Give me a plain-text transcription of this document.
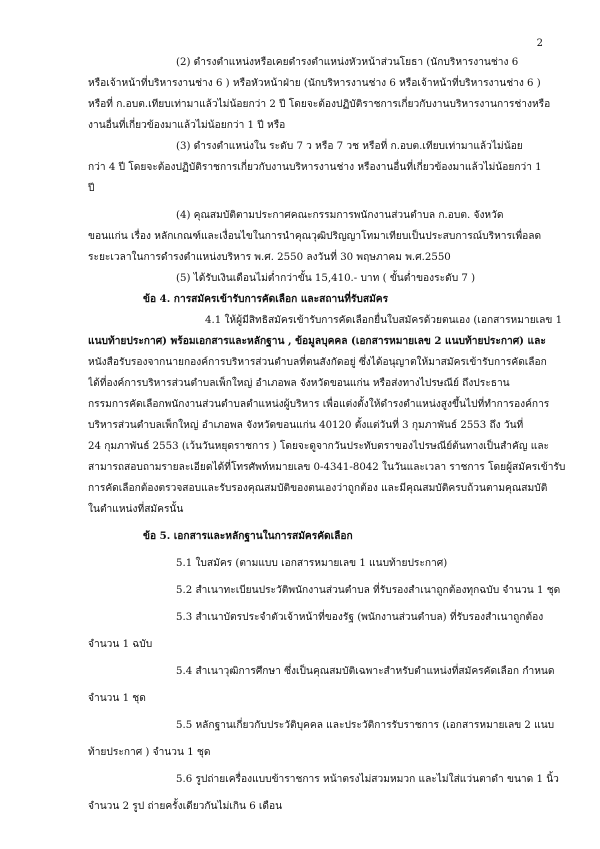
2
(2) ดำรงตำแหน่งหรือเคยดำรงตำแหน่งหัวหน้าส่วนโยธา (นักบริหารงานช่าง 6
หรือเจ้าหน้าที่บริหารงานช่าง 6 ) หรือหัวหน้าฝ่าย (นักบริหารงานช่าง 6 หรือเจ้าหน้าที่บริหารงานช่าง 6 )
หรือที่ ก.อบต.เทียบเท่ามาแล้วไม่น้อยกว่า 2 ปี โดยจะต้องปฏิบัติราชการเกี่ยวกับงานบริหารงานการช่างหรือ
งานอื่นที่เกี่ยวข้องมาแล้วไม่น้อยกว่า 1 ปี หรือ
(3) ดำรงตำแหน่งใน ระดับ 7 ว หรือ 7 วช หรือที่ ก.อบต.เทียบเท่ามาแล้วไม่น้อย
กว่า 4 ปี โดยจะต้องปฏิบัติราชการเกี่ยวกับงานบริหารงานช่าง หรืองานอื่นที่เกี่ยวข้องมาแล้วไม่น้อยกว่า 1
ปี
(4) คุณสมบัติตามประกาศคณะกรรมการพนักงานส่วนตำบล ก.อบต. จังหวัด
ขอนแก่น เรื่อง หลักเกณฑ์และเงื่อนไขในการนำคุณวุฒิปริญญาโทมาเทียบเป็นประสบการณ์บริหารเพื่อลด
ระยะเวลาในการดำรงตำแหน่งบริหาร พ.ศ. 2550 ลงวันที่ 30 พฤษภาคม พ.ศ.2550
(5) ได้รับเงินเดือนไม่ต่ำกว่าขั้น 15,410.- บาท ( ขั้นต่ำของระดับ 7 )
ข้อ 4. การสมัครเข้ารับการคัดเลือก และสถานที่รับสมัคร
4.1 ให้ผู้มีสิทธิสมัครเข้ารับการคัดเลือกยื่นใบสมัครด้วยตนเอง (เอกสารหมายเลข 1
แนบท้ายประกาศ) พร้อมเอกสารและหลักฐาน , ข้อมูลบุคคล (เอกสารหมายเลข 2 แนบท้ายประกาศ) และ
หนังสือรับรองจากนายกองค์การบริหารส่วนตำบลที่ตนสังกัดอยู่ ซึ่งได้อนุญาตให้มาสมัครเข้ารับการคัดเลือก
ได้ที่องค์การบริหารส่วนตำบลเพ็กใหญ่ อำเภอพล จังหวัดขอนแก่น หรือส่งทางไปรษณีย์ ถึงประธาน
กรรมการคัดเลือกพนักงานส่วนตำบลตำแหน่งผู้บริหาร เพื่อแต่งตั้งให้ดำรงตำแหน่งสูงขึ้นไปที่ทำการองค์การ
บริหารส่วนตำบลเพ็กใหญ่ อำเภอพล จังหวัดขอนแก่น 40120 ตั้งแต่วันที่ 3 กุมภาพันธ์ 2553 ถึง วันที่
24 กุมภาพันธ์ 2553 (เว้นวันหยุดราชการ ) โดยจะดูจากวันประทับตราของไปรษณีย์ต้นทางเป็นสำคัญ และ
สามารถสอบถามรายละเอียดได้ที่โทรศัพท์หมายเลข 0-4341-8042 ในวันและเวลา ราชการ โดยผู้สมัครเข้ารับ
การคัดเลือกต้องตรวจสอบและรับรองคุณสมบัติของตนเองว่าถูกต้อง และมีคุณสมบัติครบถ้วนตามคุณสมบัติ
ในตำแหน่งที่สมัครนั้น
ข้อ 5. เอกสารและหลักฐานในการสมัครคัดเลือก
5.1 ใบสมัคร (ตามแบบ เอกสารหมายเลข 1 แนบท้ายประกาศ)
5.2 สำเนาทะเบียนประวัติพนักงานส่วนตำบล ที่รับรองสำเนาถูกต้องทุกฉบับ จำนวน 1 ชุด
5.3 สำเนาบัตรประจำตัวเจ้าหน้าที่ของรัฐ (พนักงานส่วนตำบล) ที่รับรองสำเนาถูกต้อง
จำนวน 1 ฉบับ
5.4 สำเนาวุฒิการศึกษา ซึ่งเป็นคุณสมบัติเฉพาะสำหรับตำแหน่งที่สมัครคัดเลือก กำหนด
จำนวน 1 ชุด
5.5 หลักฐานเกี่ยวกับประวัติบุคคล และประวัติการรับราชการ (เอกสารหมายเลข 2 แนบ
ท้ายประกาศ ) จำนวน 1 ชุด
5.6 รูปถ่ายเครื่องแบบข้าราชการ หน้าตรงไม่สวมหมวก และไม่ใส่แว่นตาดำ ขนาด 1 นิ้ว
จำนวน 2 รูป ถ่ายครั้งเดียวกันไม่เกิน 6 เดือน
